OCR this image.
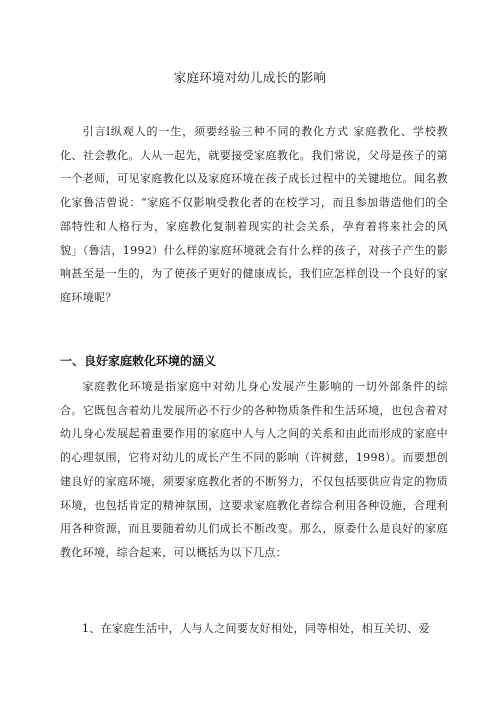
家庭环境对幼儿成长的影响

引言l纵观人的一生，须要经验三种不同的教化方式 家庭教化、学校教化、社会教化。人从一起先，就要接受家庭教化。我们常说，父母是孩子的第一个老师，可见家庭教化以及家庭环境在孩子成长过程中的关键地位。闻名教化家鲁洁曾说：“家庭不仅影响受教化者的在校学习，而且参加谐造他们的全部特性和人格行为，家庭教化复制着现实的社会关系，孕育着将来社会的风貌」（鲁洁，1992）什么样的家庭环境就会有什么样的孩子，对孩子产生的影响甚至是一生的，为了使孩子更好的健康成长，我们应怎样创设一个良好的家庭环境呢？

一、良好家庭敕化环境的涵义

家庭教化环境是指家庭中对幼儿身心发展产生影响的一切外部条件的综合。它既包含着幼儿发展所必不行少的各种物质条件和生活环境，也包含着对幼儿身心发展起着重要作用的家庭中人与人之间的关系和由此而形成的家庭中的心理氛围，它将对幼儿的成长产生不同的影响（许树慈，1998）。而要想创建良好的家庭环境，须要家庭教化者的不断努力，不仅包括要供应肯定的物质环境，也包括肯定的精神氛围，这要求家庭教化者综合利用各种设施，合理利用各种资源，而且要随着幼儿们成长不断改变。那么，原委什么是良好的家庭教化环境，综合起来，可以概括为以下几点：

1、在家庭生活中，人与人之间要友好相处，同等相处，相互关切、爱
